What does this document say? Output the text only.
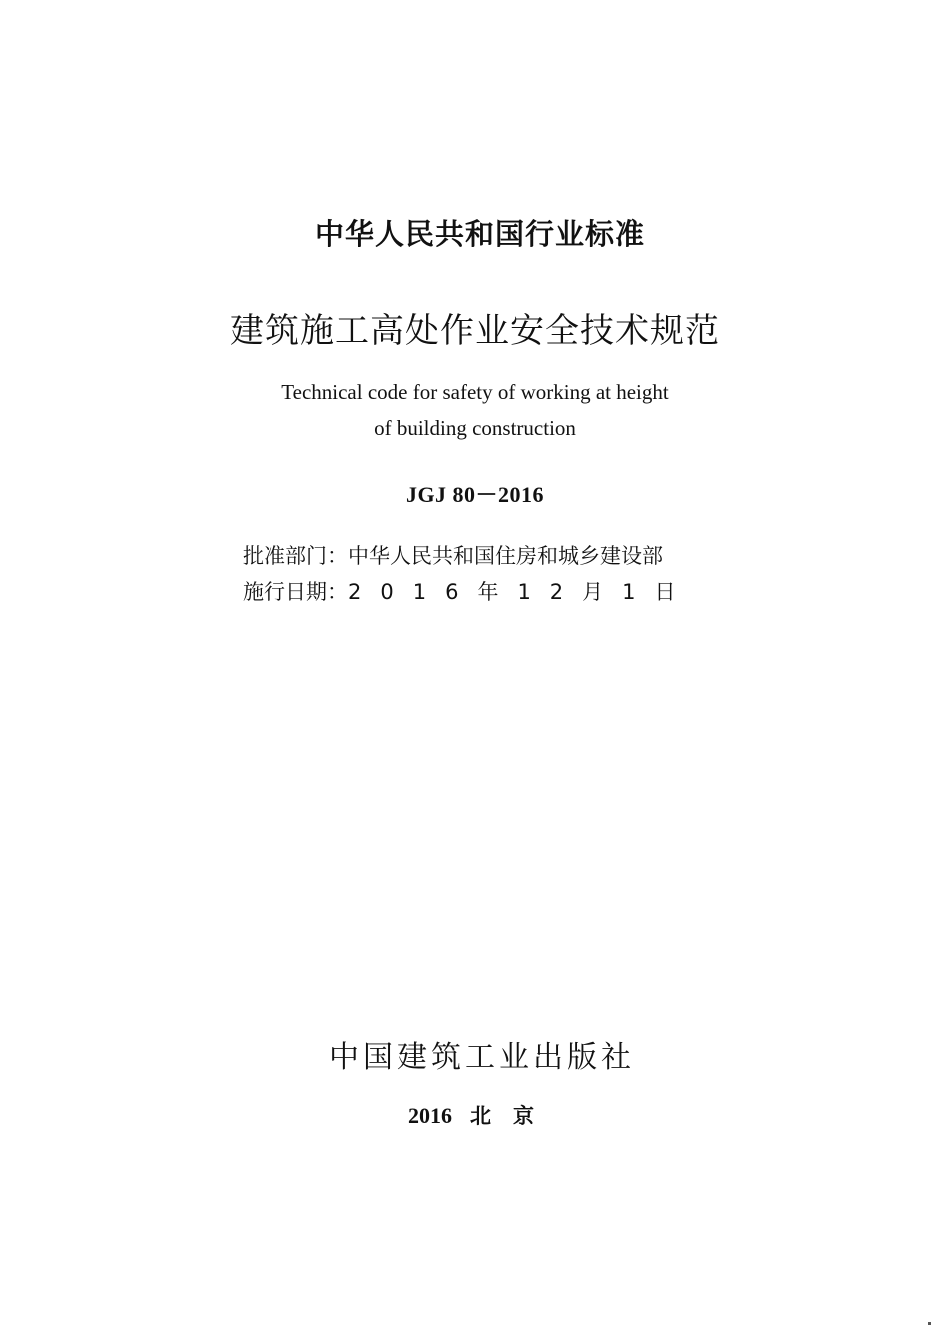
中华人民共和国行业标准
建筑施工高处作业安全技术规范
Technical code for safety of working at height
of building construction
JGJ 80－2016
批准部门：中华人民共和国住房和城乡建设部
施行日期：2016年12月1日
中国建筑工业出版社
2016 北京
